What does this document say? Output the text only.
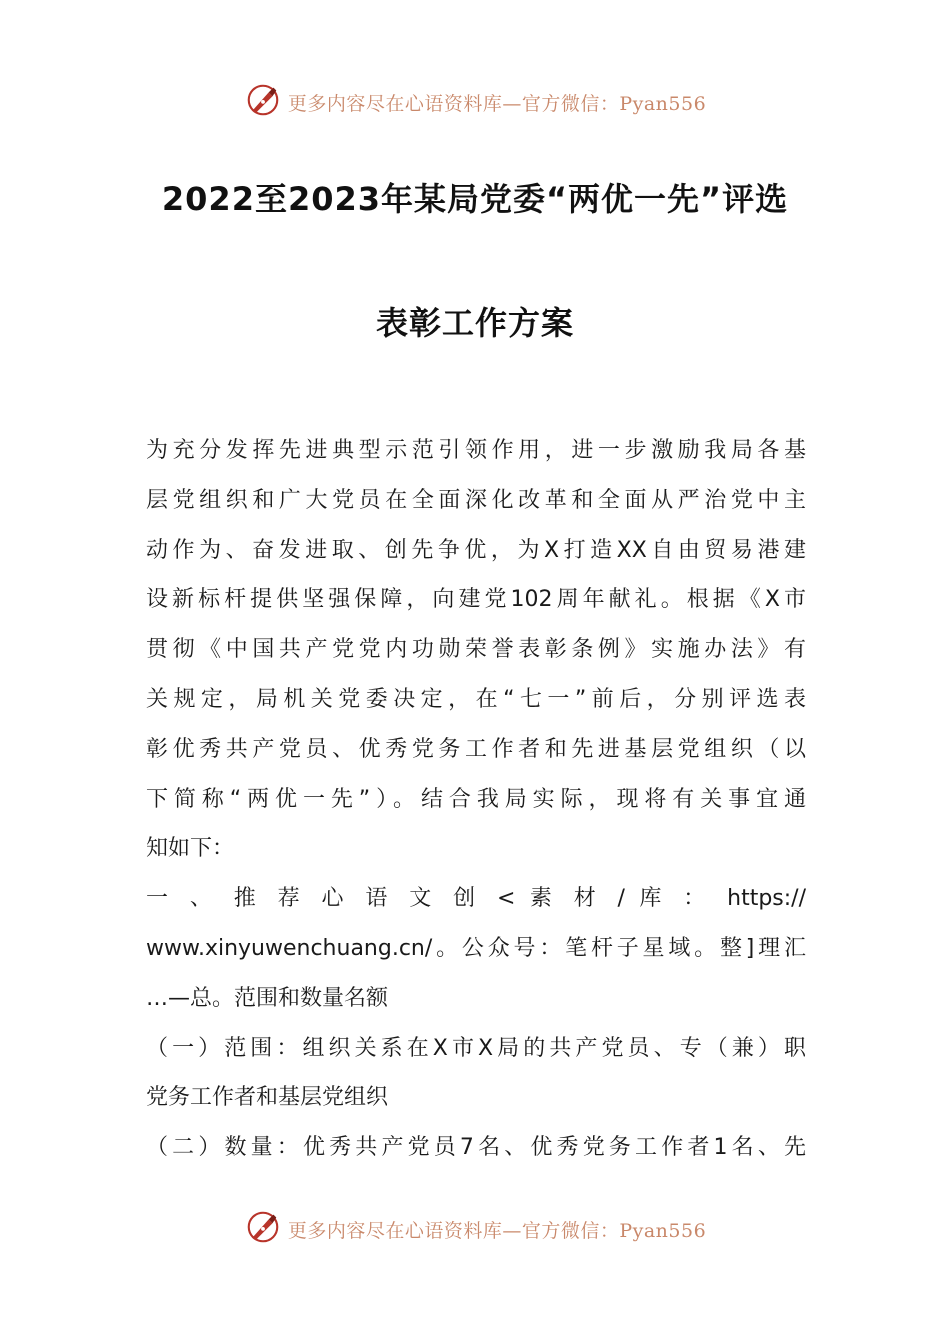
更多内容尽在心语资料库—官方微信：Pyan556
2022至2023年某局党委“两优一先”评选
表彰工作方案

为充分发挥先进典型示范引领作用，进一步激励我局各基

层党组织和广大党员在全面深化改革和全面从严治党中主

动作为、奋发进取、创先争优，为X打造XX自由贸易港建

设新标杆提供坚强保障，向建党102周年献礼。根据《X市

贯彻《中国共产党党内功勋荣誉表彰条例》实施办法》有

关规定，局机关党委决定，在“七一”前后，分别评选表

彰优秀共产党员、优秀党务工作者和先进基层党组织（以

下简称“两优一先”）。结合我局实际，现将有关事宜通

知如下：

一 、 推 荐 心 语 文 创 < 素 材 / 库 ： https://

www.xinyuwenchuang.cn/。公众号：笔杆子星域。整]理汇

…—总。范围和数量名额

（一）范围：组织关系在X市X局的共产党员、专（兼）职

党务工作者和基层党组织

（二）数量：优秀共产党员7名、优秀党务工作者1名、先

更多内容尽在心语资料库—官方微信：Pyan556
